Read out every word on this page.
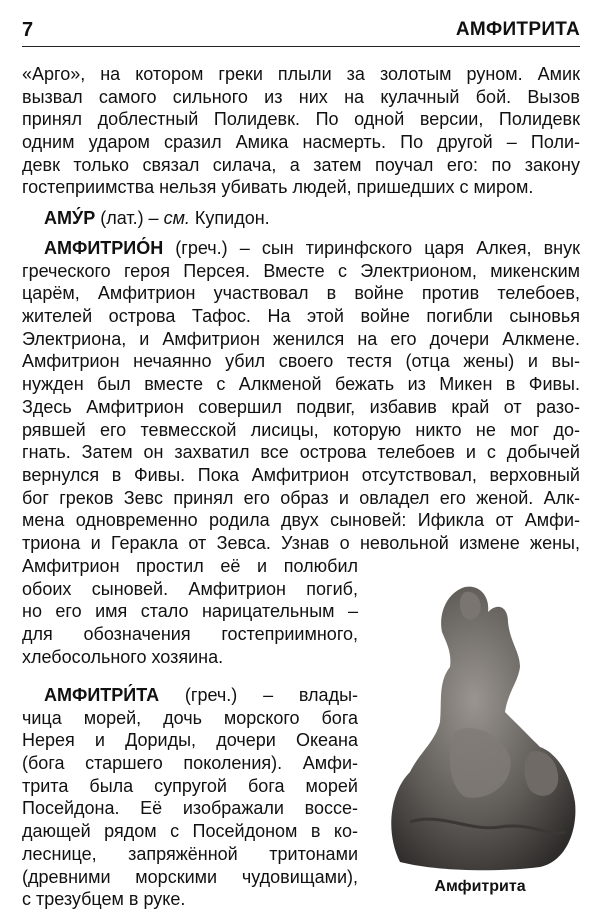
7	АМФИТРИТА
«Арго», на котором греки плыли за золотым руном. Амик
вызвал самого сильного из них на кулачный бой. Вызов
принял доблестный Полидевк. По одной версии, Полидевк
одним ударом сразил Амика насмерть. По другой – Поли-
девк только связал силача, а затем поучал его: по закону
гостеприимства нельзя убивать людей, пришедших с миром.
АМУ́Р (лат.) – см. Купидон.
АМФИТРИО́Н (греч.) – сын тиринфского царя Алкея, внук
греческого героя Персея. Вместе с Электрионом, микенским
царём, Амфитрион участвовал в войне против телебоев,
жителей острова Тафос. На этой войне погибли сыновья
Электриона, и Амфитрион женился на его дочери Алкмене.
Амфитрион нечаянно убил своего тестя (отца жены) и вы-
нужден был вместе с Алкменой бежать из Микен в Фивы.
Здесь Амфитрион совершил подвиг, избавив край от разо-
рявшей его тевмесской лисицы, которую никто не мог до-
гнать. Затем он захватил все острова телебоев и с добычей
вернулся в Фивы. Пока Амфитрион отсутствовал, верховный
бог греков Зевс принял его образ и овладел его женой. Алк-
мена одновременно родила двух сыновей: Ификла от Амфи-
триона и Геракла от Зевса. Узнав о невольной измене жены,
Амфитрион простил её и полюбил
обоих сыновей. Амфитрион погиб,
но его имя стало нарицательным –
для обозначения гостеприимного,
хлебосольного хозяина.
АМФИТРИ́ТА (греч.) – влады-
чица морей, дочь морского бога
Нерея и Дориды, дочери Океана
(бога старшего поколения). Амфи-
трита была супругой бога морей
Посейдона. Её изображали воссе-
дающей рядом с Посейдоном в ко-
леснице, запряжённой тритонами
(древними морскими чудовищами),
с трезубцем в руке.
Амфитрита
